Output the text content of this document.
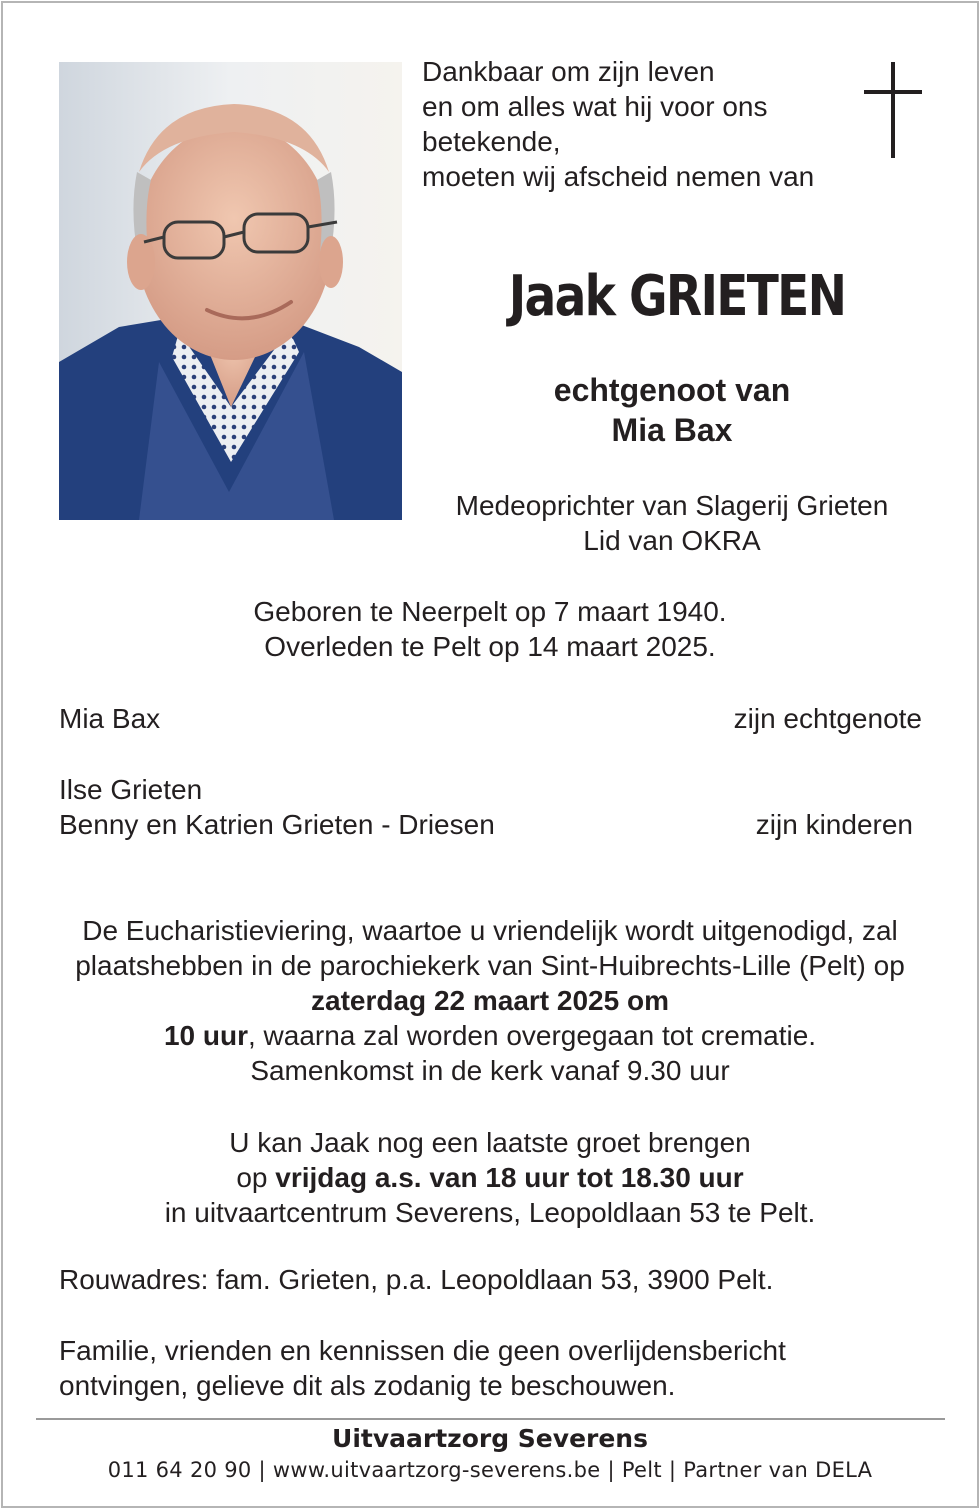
Dankbaar om zijn leven
en om alles wat hij voor ons
betekende,
moeten wij afscheid nemen van
Jaak GRIETEN
echtgenoot van
Mia Bax
Medeoprichter van Slagerij Grieten
Lid van OKRA
Geboren te Neerpelt op 7 maart 1940.
Overleden te Pelt op 14 maart 2025.
Mia Bax	zijn echtgenote
Ilse Grieten
Benny en Katrien Grieten - Driesen	zijn kinderen
De Eucharistieviering, waartoe u vriendelijk wordt uitgenodigd, zal plaatshebben in de parochiekerk van Sint-Huibrechts-Lille (Pelt) op zaterdag 22 maart 2025 om
10 uur, waarna zal worden overgegaan tot crematie.
Samenkomst in de kerk vanaf 9.30 uur
U kan Jaak nog een laatste groet brengen
op vrijdag a.s. van 18 uur tot 18.30 uur
in uitvaartcentrum Severens, Leopoldlaan 53 te Pelt.
Rouwadres: fam. Grieten, p.a. Leopoldlaan 53, 3900 Pelt.
Familie, vrienden en kennissen die geen overlijdensbericht
ontvingen, gelieve dit als zodanig te beschouwen.
Uitvaartzorg Severens
011 64 20 90 | www.uitvaartzorg-severens.be | Pelt | Partner van DELA
